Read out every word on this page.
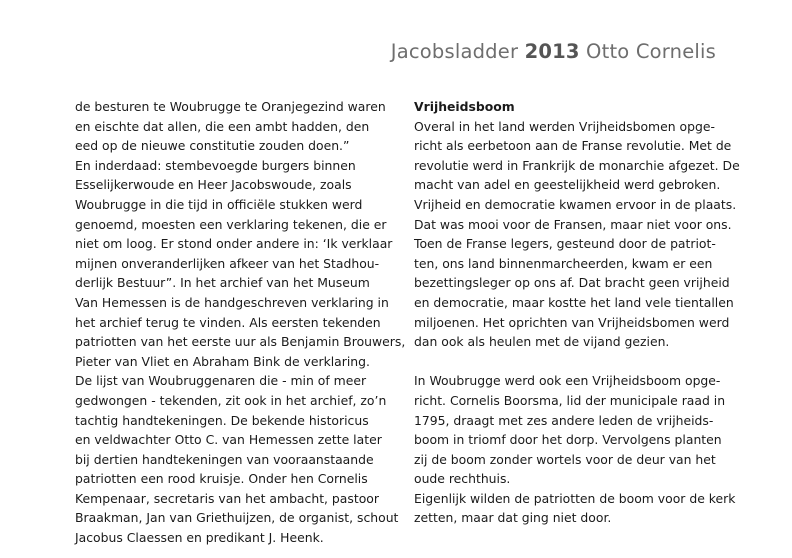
Jacobsladder 2013 Otto Cornelis
de besturen te Woubrugge te Oranjegezind waren
en eischte dat allen, die een ambt hadden, den
eed op de nieuwe constitutie zouden doen.”
En inderdaad: stembevoegde burgers binnen
Esselijkerwoude en Heer Jacobswoude, zoals
Woubrugge in die tijd in officiële stukken werd
genoemd, moesten een verklaring tekenen, die er
niet om loog. Er stond onder andere in: ‘Ik verklaar
mijnen onveranderlijken afkeer van het Stadhou-
derlijk Bestuur”. In het archief van het Museum
Van Hemessen is de handgeschreven verklaring in
het archief terug te vinden. Als eersten tekenden
patriotten van het eerste uur als Benjamin Brouwers,
Pieter van Vliet en Abraham Bink de verklaring.
De lijst van Woubruggenaren die - min of meer
gedwongen - tekenden, zit ook in het archief, zo’n
tachtig handtekeningen. De bekende historicus
en veldwachter Otto C. van Hemessen zette later
bij dertien handtekeningen van vooraanstaande
patriotten een rood kruisje. Onder hen Cornelis
Kempenaar, secretaris van het ambacht, pastoor
Braakman, Jan van Griethuijzen, de organist, schout
Jacobus Claessen en predikant J. Heenk.
Vrijheidsboom
Overal in het land werden Vrijheidsbomen opge-
richt als eerbetoon aan de Franse revolutie. Met de
revolutie werd in Frankrijk de monarchie afgezet. De
macht van adel en geestelijkheid werd gebroken.
Vrijheid en democratie kwamen ervoor in de plaats.
Dat was mooi voor de Fransen, maar niet voor ons.
Toen de Franse legers, gesteund door de patriot-
ten, ons land binnenmarcheerden, kwam er een
bezettingsleger op ons af. Dat bracht geen vrijheid
en democratie, maar kostte het land vele tientallen
miljoenen. Het oprichten van Vrijheidsbomen werd
dan ook als heulen met de vijand gezien.
In Woubrugge werd ook een Vrijheidsboom opge-
richt. Cornelis Boorsma, lid der municipale raad in
1795, draagt met zes andere leden de vrijheids-
boom in triomf door het dorp. Vervolgens planten
zij de boom zonder wortels voor de deur van het
oude rechthuis.
Eigenlijk wilden de patriotten de boom voor de kerk
zetten, maar dat ging niet door.
